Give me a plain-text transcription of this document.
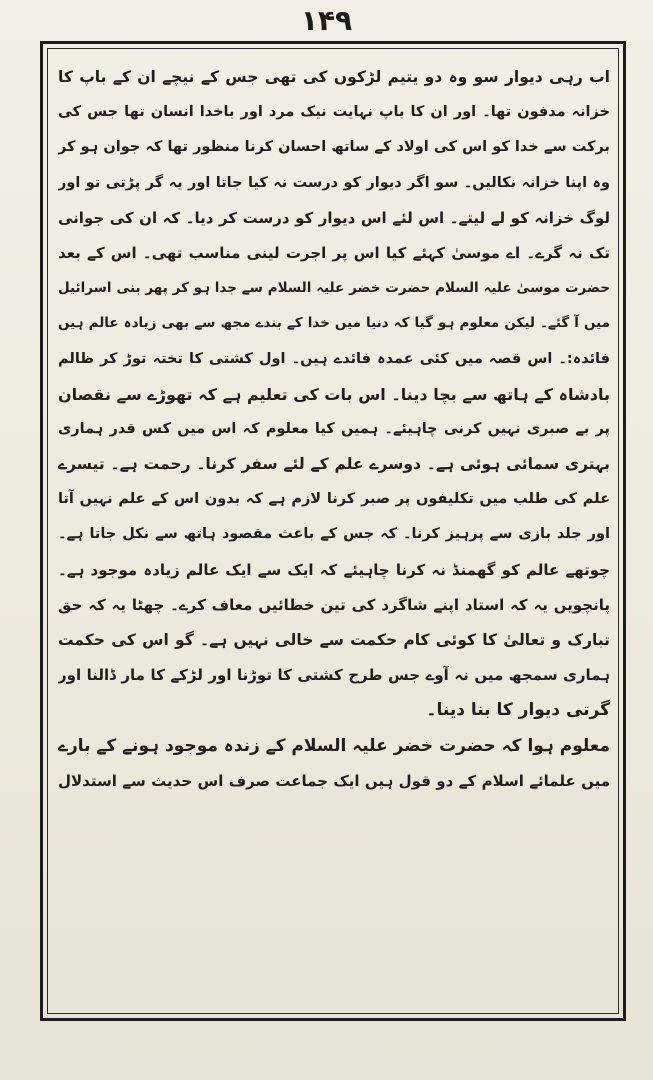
۱۴۹
اب رہی دیوار سو وہ دو یتیم لڑکوں کی تھی جس کے نیچے ان کے باپ کا
خزانہ مدفون تھا۔ اور ان کا باپ نہایت نیک مرد اور باخدا انسان تھا جس کی
برکت سے خدا کو اس کی اولاد کے ساتھ احسان کرنا منظور تھا کہ جوان ہو کر
وہ اپنا خزانہ نکالیں۔ سو اگر دیوار کو درست نہ کیا جاتا اور یہ گر پڑتی تو اور
لوگ خزانہ کو لے لیتے۔ اس لئے اس دیوار کو درست کر دیا۔ کہ ان کی جوانی
تک نہ گرے۔ اے موسیٰ کہئے کیا اس پر اجرت لینی مناسب تھی۔ اس کے بعد
حضرت موسیٰ علیہ السلام حضرت خضر علیہ السلام سے جدا ہو کر پھر بنی اسرائیل
میں آ گئے۔ لیکن معلوم ہو گیا کہ دنیا میں خدا کے بندے مجھ سے بھی زیادہ عالم ہیں
فائدہ:۔ اس قصہ میں کئی عمدہ فائدے ہیں۔ اول کشتی کا تختہ توڑ کر ظالم
بادشاہ کے ہاتھ سے بچا دینا۔ اس بات کی تعلیم ہے کہ تھوڑے سے نقصان
پر بے صبری نہیں کرنی چاہیئے۔ ہمیں کیا معلوم کہ اس میں کس قدر ہماری
بہتری سمائی ہوئی ہے۔ دوسرے علم کے لئے سفر کرنا۔ رحمت ہے۔ تیسرے
علم کی طلب میں تکلیفوں پر صبر کرنا لازم ہے کہ بدون اس کے علم نہیں آتا
اور جلد بازی سے پرہیز کرنا۔ کہ جس کے باعث مقصود ہاتھ سے نکل جاتا ہے۔
چوتھے عالم کو گھمنڈ نہ کرنا چاہیئے کہ ایک سے ایک عالم زیادہ موجود ہے۔
پانچویں یہ کہ استاد اپنے شاگرد کی تین خطائیں معاف کرے۔ چھٹا یہ کہ حق
تبارک و تعالیٰ کا کوئی کام حکمت سے خالی نہیں ہے۔ گو اس کی حکمت
ہماری سمجھ میں نہ آوے جس طرح کشتی کا توڑنا اور لڑکے کا مار ڈالنا اور
گرتی دیوار کا بنا دینا۔
معلوم ہوا کہ حضرت خضر علیہ السلام کے زندہ موجود ہونے کے بارے
میں علمائے اسلام کے دو قول ہیں ایک جماعت صرف اس حدیث سے استدلال
